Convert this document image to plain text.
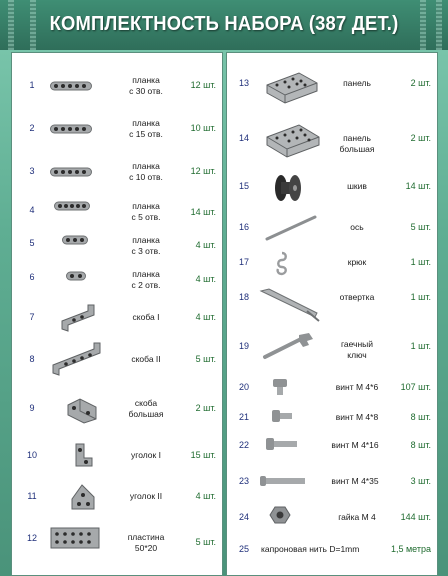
КОМПЛЕКТНОСТЬ НАБОРА (387 ДЕТ.)
1	планка
с 30 отв.
12 шт.
2	планка
с 15 отв.
10 шт.
3	планка
с 10 отв.
12 шт.
4	планка
с 5 отв.	14 шт.
5	планка
с 3 отв.
4 шт.
6	планка
с 2 отв.
4 шт.
7	скоба I	4 шт.
8	скоба II	5 шт.
9	скоба
большая
2 шт.
10	уголок I	15 шт.
11	уголок II	4 шт.
12	пластина
50*20
5 шт.
13	панель	2 шт.
14	панель
большая
2 шт.
15	шкив	14 шт.
16	ось	5 шт.
17	крюк	1 шт.
18	отвертка	1 шт.
19	гаечный
ключ
1 шт.
20	винт М 4*6	107 шт.
21	винт М 4*8	8 шт.
22	винт М 4*16	8 шт.
23	винт М 4*35	3 шт.
24	гайка М 4	144 шт.
25	капроновая нить D=1mm	1,5 метра
